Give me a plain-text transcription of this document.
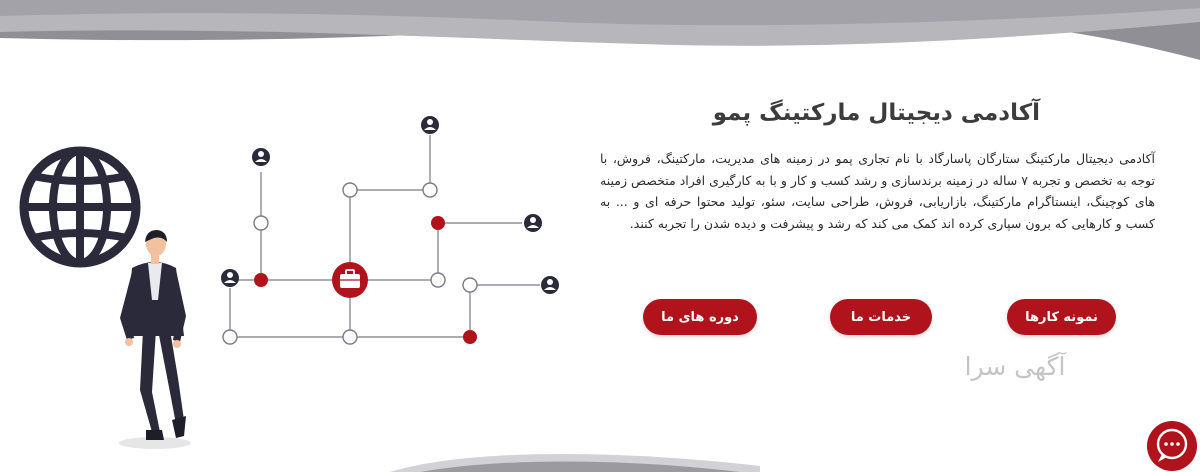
آکادمی دیجیتال مارکتینگ پمو
آکادمی دیجیتال مارکتینگ ستارگان پاسارگاد با نام تجاری پمو در زمینه های مدیریت، مارکتینگ، فروش، با توجه به تخصص و تجربه ۷ ساله در زمینه برندسازی و رشد کسب و کار و با به کارگیری افراد متخصص زمینه های کوچینگ، اینستاگرام مارکتینگ، بازاریابی، فروش، طراحی سایت، سئو، تولید محتوا حرفه ای و ... به کسب و کارهایی که برون سپاری کرده اند کمک می کند که رشد و پیشرفت و دیده شدن را تجربه کنند.
نمونه کارها
خدمات ما
دوره های ما
آگهی سرا
